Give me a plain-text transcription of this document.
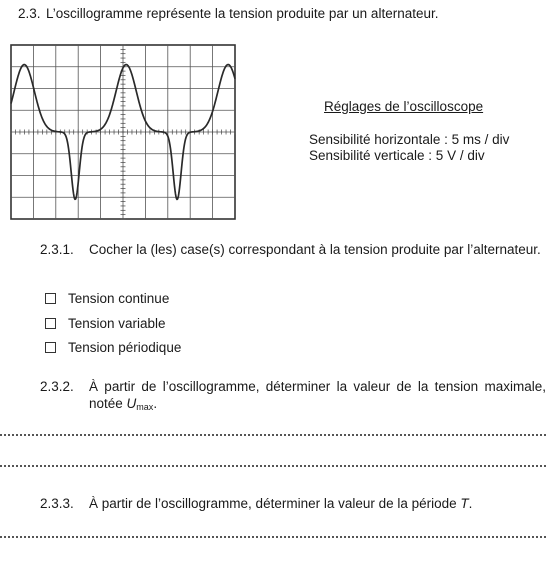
2.3. L’oscillogramme représente la tension produite par un alternateur.
Réglages de l’oscilloscope
Sensibilité horizontale : 5 ms / div
Sensibilité verticale : 5 V / div
2.3.1. Cocher la (les) case(s) correspondant à la tension produite par l’alternateur.
Tension continue
Tension variable
Tension périodique
2.3.2. À partir de l’oscillogramme, déterminer la valeur de la tension maximale, notée $U_{max}$.
2.3.3. À partir de l’oscillogramme, déterminer la valeur de la période T.
